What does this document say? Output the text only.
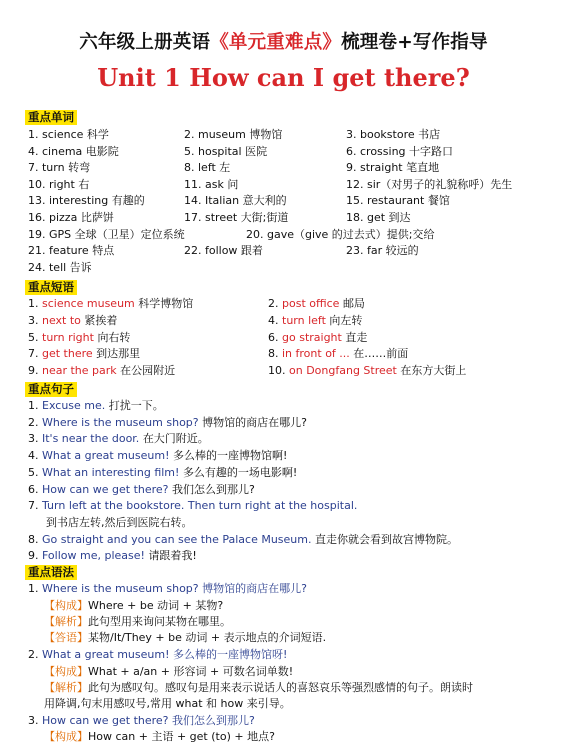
六年级上册英语《单元重难点》梳理卷+写作指导
Unit 1 How can I get there?
重点单词
1. science 科学	2. museum 博物馆	3. bookstore 书店
4. cinema 电影院	5. hospital 医院	6. crossing 十字路口
7. turn 转弯	8. left 左	9. straight 笔直地
10. right 右	11. ask 问	12. sir（对男子的礼貌称呼）先生
13. interesting 有趣的	14. Italian 意大利的	15. restaurant 餐馆
16. pizza 比萨饼	17. street 大街;街道	18. get 到达
19. GPS 全球（卫星）定位系统	20. gave（give 的过去式）提供;交给
21. feature 特点	22. follow 跟着	23. far 较远的
24. tell 告诉
重点短语
1. science museum 科学博物馆	2. post office 邮局
3. next to 紧挨着	4. turn left 向左转
5. turn right 向右转	6. go straight 直走
7. get there 到达那里	8. in front of ... 在……前面
9. near the park 在公园附近	10. on Dongfang Street 在东方大街上
重点句子
1. Excuse me. 打扰一下。
2. Where is the museum shop? 博物馆的商店在哪儿?
3. It's near the door. 在大门附近。
4. What a great museum! 多么棒的一座博物馆啊!
5. What an interesting film! 多么有趣的一场电影啊!
6. How can we get there? 我们怎么到那儿?
7. Turn left at the bookstore. Then turn right at the hospital.
到书店左转,然后到医院右转。
8. Go straight and you can see the Palace Museum. 直走你就会看到故宫博物院。
9. Follow me, please! 请跟着我!
重点语法
1. Where is the museum shop? 博物馆的商店在哪儿?
【构成】Where + be 动词 + 某物?
【解析】此句型用来询问某物在哪里。
【答语】某物/It/They + be 动词 + 表示地点的介词短语.
2. What a great museum! 多么棒的一座博物馆呀!
【构成】What + a/an + 形容词 + 可数名词单数!
【解析】此句为感叹句。感叹句是用来表示说话人的喜怒哀乐等强烈感情的句子。朗读时
用降调,句末用感叹号,常用 what 和 how 来引导。
3. How can we get there? 我们怎么到那儿?
【构成】How can + 主语 + get (to) + 地点?
